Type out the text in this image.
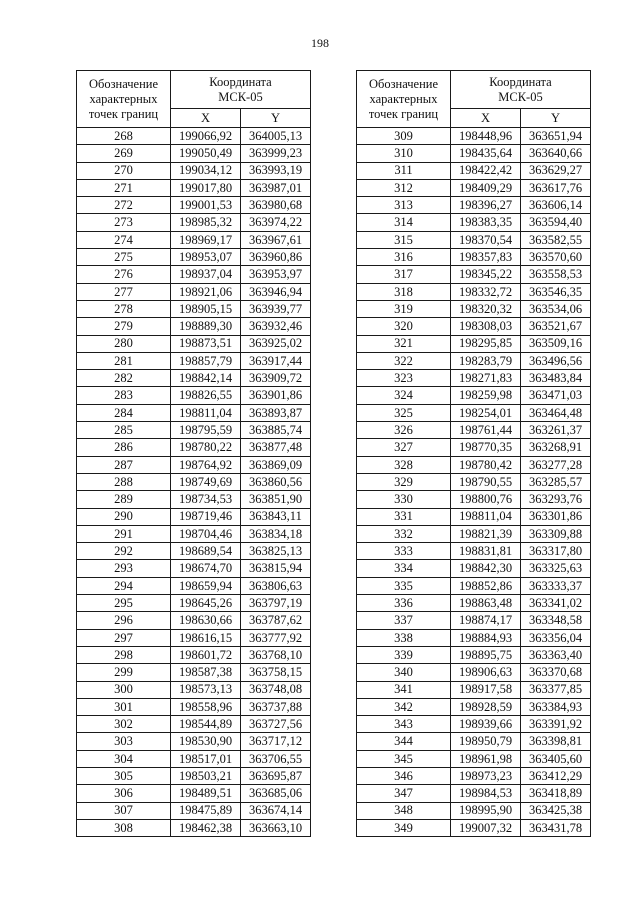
198
Обозначение
характерных
точек границ	Координата
МСК-05	
	X	Y
268	199066,92	364005,13
269	199050,49	363999,23
270	199034,12	363993,19
271	199017,80	363987,01
272	199001,53	363980,68
273	198985,32	363974,22
274	198969,17	363967,61
275	198953,07	363960,86
276	198937,04	363953,97
277	198921,06	363946,94
278	198905,15	363939,77
279	198889,30	363932,46
280	198873,51	363925,02
281	198857,79	363917,44
282	198842,14	363909,72
283	198826,55	363901,86
284	198811,04	363893,87
285	198795,59	363885,74
286	198780,22	363877,48
287	198764,92	363869,09
288	198749,69	363860,56
289	198734,53	363851,90
290	198719,46	363843,11
291	198704,46	363834,18
292	198689,54	363825,13
293	198674,70	363815,94
294	198659,94	363806,63
295	198645,26	363797,19
296	198630,66	363787,62
297	198616,15	363777,92
298	198601,72	363768,10
299	198587,38	363758,15
300	198573,13	363748,08
301	198558,96	363737,88
302	198544,89	363727,56
303	198530,90	363717,12
304	198517,01	363706,55
305	198503,21	363695,87
306	198489,51	363685,06
307	198475,89	363674,14
308	198462,38	363663,10
Обозначение
характерных
точек границ	Координата
МСК-05	
	X	Y
309	198448,96	363651,94
310	198435,64	363640,66
311	198422,42	363629,27
312	198409,29	363617,76
313	198396,27	363606,14
314	198383,35	363594,40
315	198370,54	363582,55
316	198357,83	363570,60
317	198345,22	363558,53
318	198332,72	363546,35
319	198320,32	363534,06
320	198308,03	363521,67
321	198295,85	363509,16
322	198283,79	363496,56
323	198271,83	363483,84
324	198259,98	363471,03
325	198254,01	363464,48
326	198761,44	363261,37
327	198770,35	363268,91
328	198780,42	363277,28
329	198790,55	363285,57
330	198800,76	363293,76
331	198811,04	363301,86
332	198821,39	363309,88
333	198831,81	363317,80
334	198842,30	363325,63
335	198852,86	363333,37
336	198863,48	363341,02
337	198874,17	363348,58
338	198884,93	363356,04
339	198895,75	363363,40
340	198906,63	363370,68
341	198917,58	363377,85
342	198928,59	363384,93
343	198939,66	363391,92
344	198950,79	363398,81
345	198961,98	363405,60
346	198973,23	363412,29
347	198984,53	363418,89
348	198995,90	363425,38
349	199007,32	363431,78
